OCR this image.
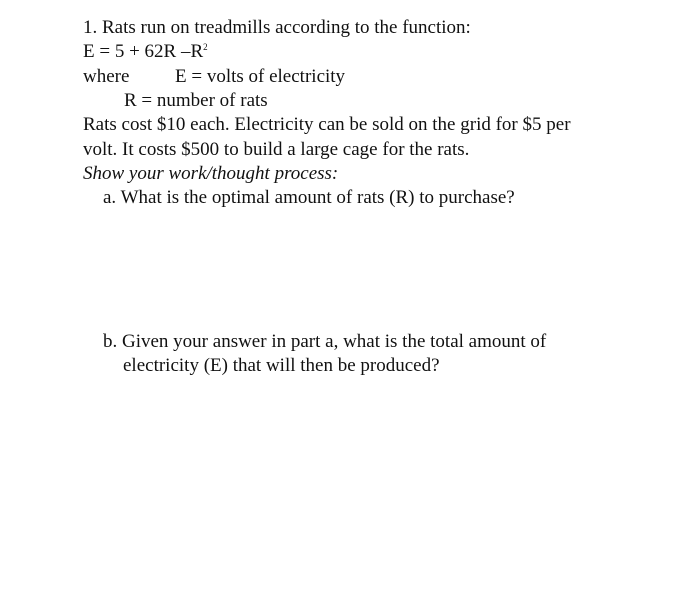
1. Rats run on treadmills according to the function:
E = 5 + 62R $-R^2$
where E = volts of electricity
R = number of rats
Rats cost $10 each. Electricity can be sold on the grid for $5 per
volt. It costs $500 to build a large cage for the rats.
Show your work/thought process:
a. What is the optimal amount of rats (R) to purchase?
b. Given your answer in part a, what is the total amount of
electricity (E) that will then be produced?
